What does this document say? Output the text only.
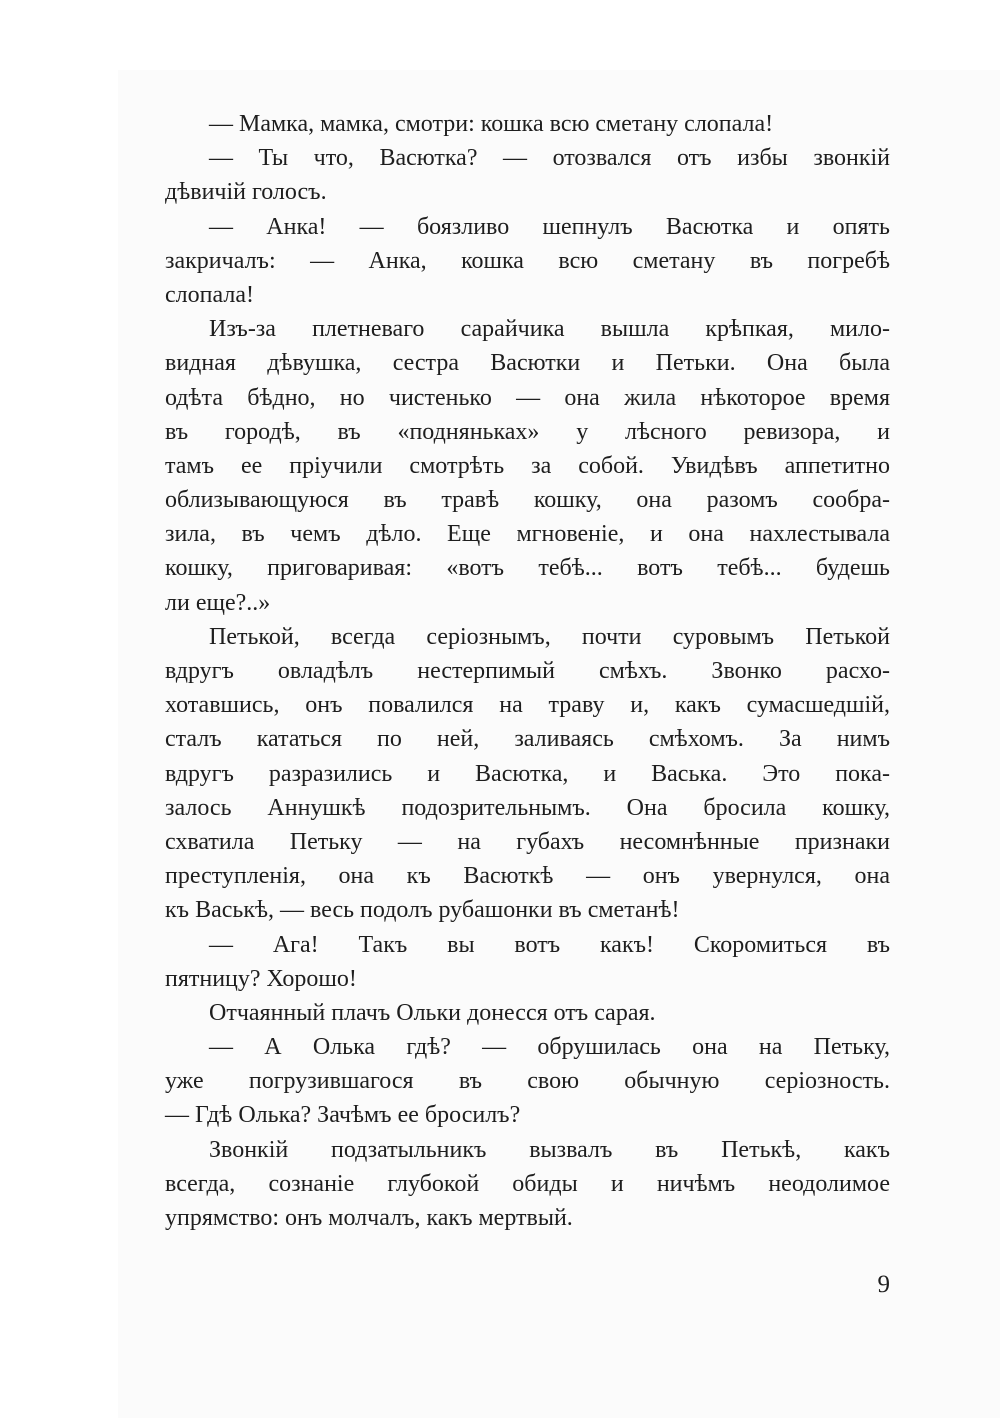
— Мамка, мамка, смотри: кошка всю сметану слопала!
— Ты что, Васютка? — отозвался отъ избы звонкій
дѣвичій голосъ.
— Анка! — боязливо шепнулъ Васютка и опять
закричалъ: — Анка, кошка всю сметану въ погребѣ
слопала!
Изъ-за плетневаго сарайчика вышла крѣпкая, мило-
видная дѣвушка, сестра Васютки и Петьки. Она была
одѣта бѣдно, но чистенько — она жила нѣкоторое время
въ городѣ, въ «подняньках» у лѣсного ревизора, и
тамъ ее пріучили смотрѣть за собой. Увидѣвъ аппетитно
облизывающуюся въ травѣ кошку, она разомъ сообра-
зила, въ чемъ дѣло. Еще мгновеніе, и она нахлестывала
кошку, приговаривая: «вотъ тебѣ... вотъ тебѣ... будешь
ли еще?..»
Петькой, всегда серіознымъ, почти суровымъ Петькой
вдругъ овладѣлъ нестерпимый смѣхъ. Звонко расхо-
хотавшись, онъ повалился на траву и, какъ сумасшедшій,
сталъ кататься по ней, заливаясь смѣхомъ. За нимъ
вдругъ разразились и Васютка, и Васька. Это пока-
залось Аннушкѣ подозрительнымъ. Она бросила кошку,
схватила Петьку — на губахъ несомнѣнные признаки
преступленія, она къ Васюткѣ — онъ увернулся, она
къ Васькѣ, — весь подолъ рубашонки въ сметанѣ!
— Ага! Такъ вы вотъ какъ! Скоромиться въ
пятницу? Хорошо!
Отчаянный плачъ Ольки донесся отъ сарая.
— А Олька гдѣ? — обрушилась она на Петьку,
уже погрузившагося въ свою обычную серіозность.
— Гдѣ Олька? Зачѣмъ ее бросилъ?
Звонкій подзатыльникъ вызвалъ въ Петькѣ, какъ
всегда, сознаніе глубокой обиды и ничѣмъ неодолимое
упрямство: онъ молчалъ, какъ мертвый.
9
